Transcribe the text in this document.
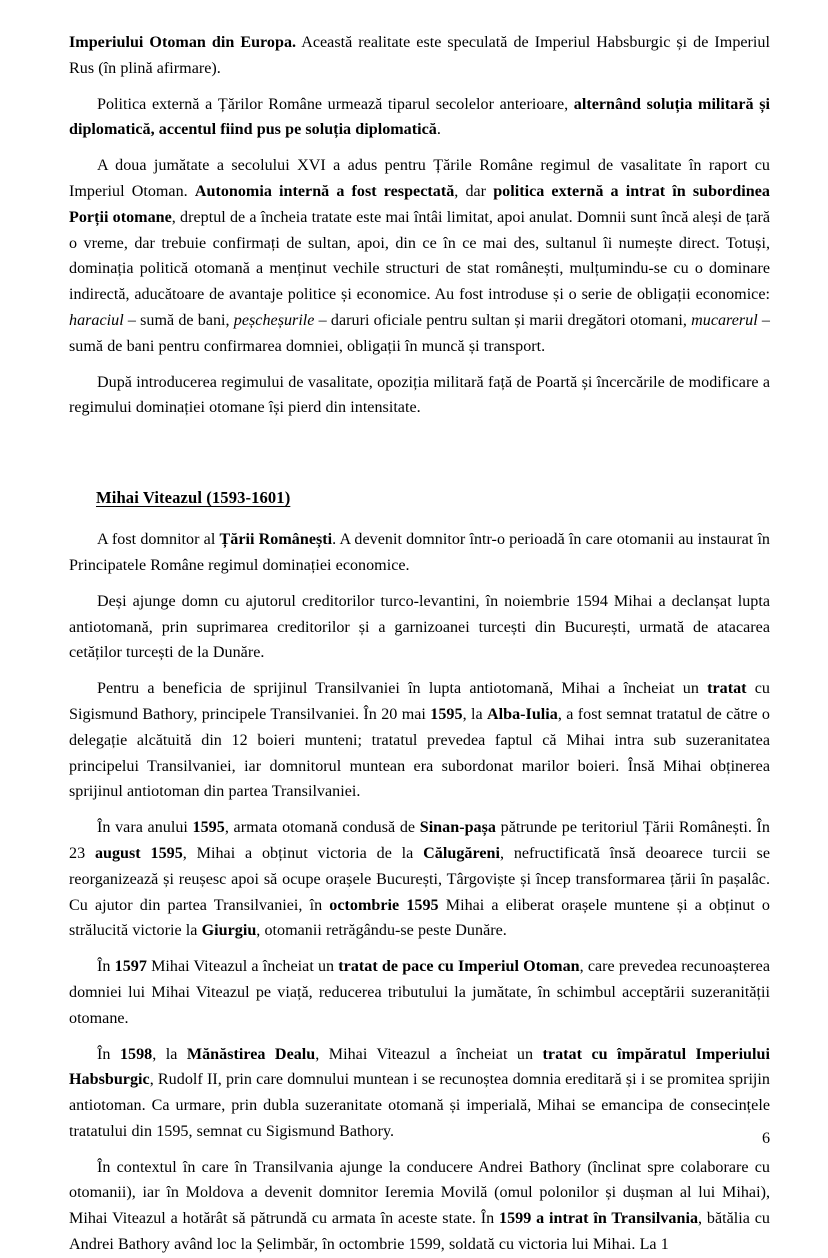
Imperiului Otoman din Europa. Această realitate este speculată de Imperiul Habsburgic și de Imperiul Rus (în plină afirmare).

Politica externă a Țărilor Române urmează tiparul secolelor anterioare, alternând soluția militară și diplomatică, accentul fiind pus pe soluția diplomatică.

A doua jumătate a secolului XVI a adus pentru Țările Române regimul de vasalitate în raport cu Imperiul Otoman. Autonomia internă a fost respectată, dar politica externă a intrat în subordinea Porții otomane, dreptul de a încheia tratate este mai întâi limitat, apoi anulat. Domnii sunt încă aleși de țară o vreme, dar trebuie confirmați de sultan, apoi, din ce în ce mai des, sultanul îi numește direct. Totuși, dominația politică otomană a menținut vechile structuri de stat românești, mulțumindu-se cu o dominare indirectă, aducătoare de avantaje politice și economice. Au fost introduse și o serie de obligații economice: haraciul – sumă de bani, peșcheșurile – daruri oficiale pentru sultan și marii dregători otomani, mucarerul – sumă de bani pentru confirmarea domniei, obligații în muncă și transport.

După introducerea regimului de vasalitate, opoziția militară față de Poartă și încercările de modificare a regimului dominației otomane își pierd din intensitate.

Mihai Viteazul (1593-1601)

A fost domnitor al Țării Românești. A devenit domnitor într-o perioadă în care otomanii au instaurat în Principatele Române regimul dominației economice.

Deși ajunge domn cu ajutorul creditorilor turco-levantini, în noiembrie 1594 Mihai a declanșat lupta antiotomană, prin suprimarea creditorilor și a garnizoanei turcești din București, urmată de atacarea cetăților turcești de la Dunăre.

Pentru a beneficia de sprijinul Transilvaniei în lupta antiotomană, Mihai a încheiat un tratat cu Sigismund Bathory, principele Transilvaniei. În 20 mai 1595, la Alba-Iulia, a fost semnat tratatul de către o delegație alcătuită din 12 boieri munteni; tratatul prevedea faptul că Mihai intra sub suzeranitatea principelui Transilvaniei, iar domnitorul muntean era subordonat marilor boieri. Însă Mihai obținerea sprijinul antiotoman din partea Transilvaniei.

În vara anului 1595, armata otomană condusă de Sinan-pașa pătrunde pe teritoriul Țării Românești. În 23 august 1595, Mihai a obținut victoria de la Călugăreni, nefructificată însă deoarece turcii se reorganizează și reușesc apoi să ocupe orașele București, Târgoviște și încep transformarea țării în pașalâc. Cu ajutor din partea Transilvaniei, în octombrie 1595 Mihai a eliberat orașele muntene și a obținut o strălucită victorie la Giurgiu, otomanii retrăgându-se peste Dunăre.

În 1597 Mihai Viteazul a încheiat un tratat de pace cu Imperiul Otoman, care prevedea recunoașterea domniei lui Mihai Viteazul pe viață, reducerea tributului la jumătate, în schimbul acceptării suzeranității otomane.

În 1598, la Mănăstirea Dealu, Mihai Viteazul a încheiat un tratat cu împăratul Imperiului Habsburgic, Rudolf II, prin care domnului muntean i se recunoștea domnia ereditară și i se promitea sprijin antiotoman. Ca urmare, prin dubla suzeranitate otomană și imperială, Mihai se emancipa de consecințele tratatului din 1595, semnat cu Sigismund Bathory.

În contextul în care în Transilvania ajunge la conducere Andrei Bathory (înclinat spre colaborare cu otomanii), iar în Moldova a devenit domnitor Ieremia Movilă (omul polonilor și dușman al lui Mihai), Mihai Viteazul a hotărât să pătrundă cu armata în aceste state. În 1599 a intrat în Transilvania, bătălia cu Andrei Bathory având loc la Șelimbăr, în octombrie 1599, soldată cu victoria lui Mihai. La 1

6
